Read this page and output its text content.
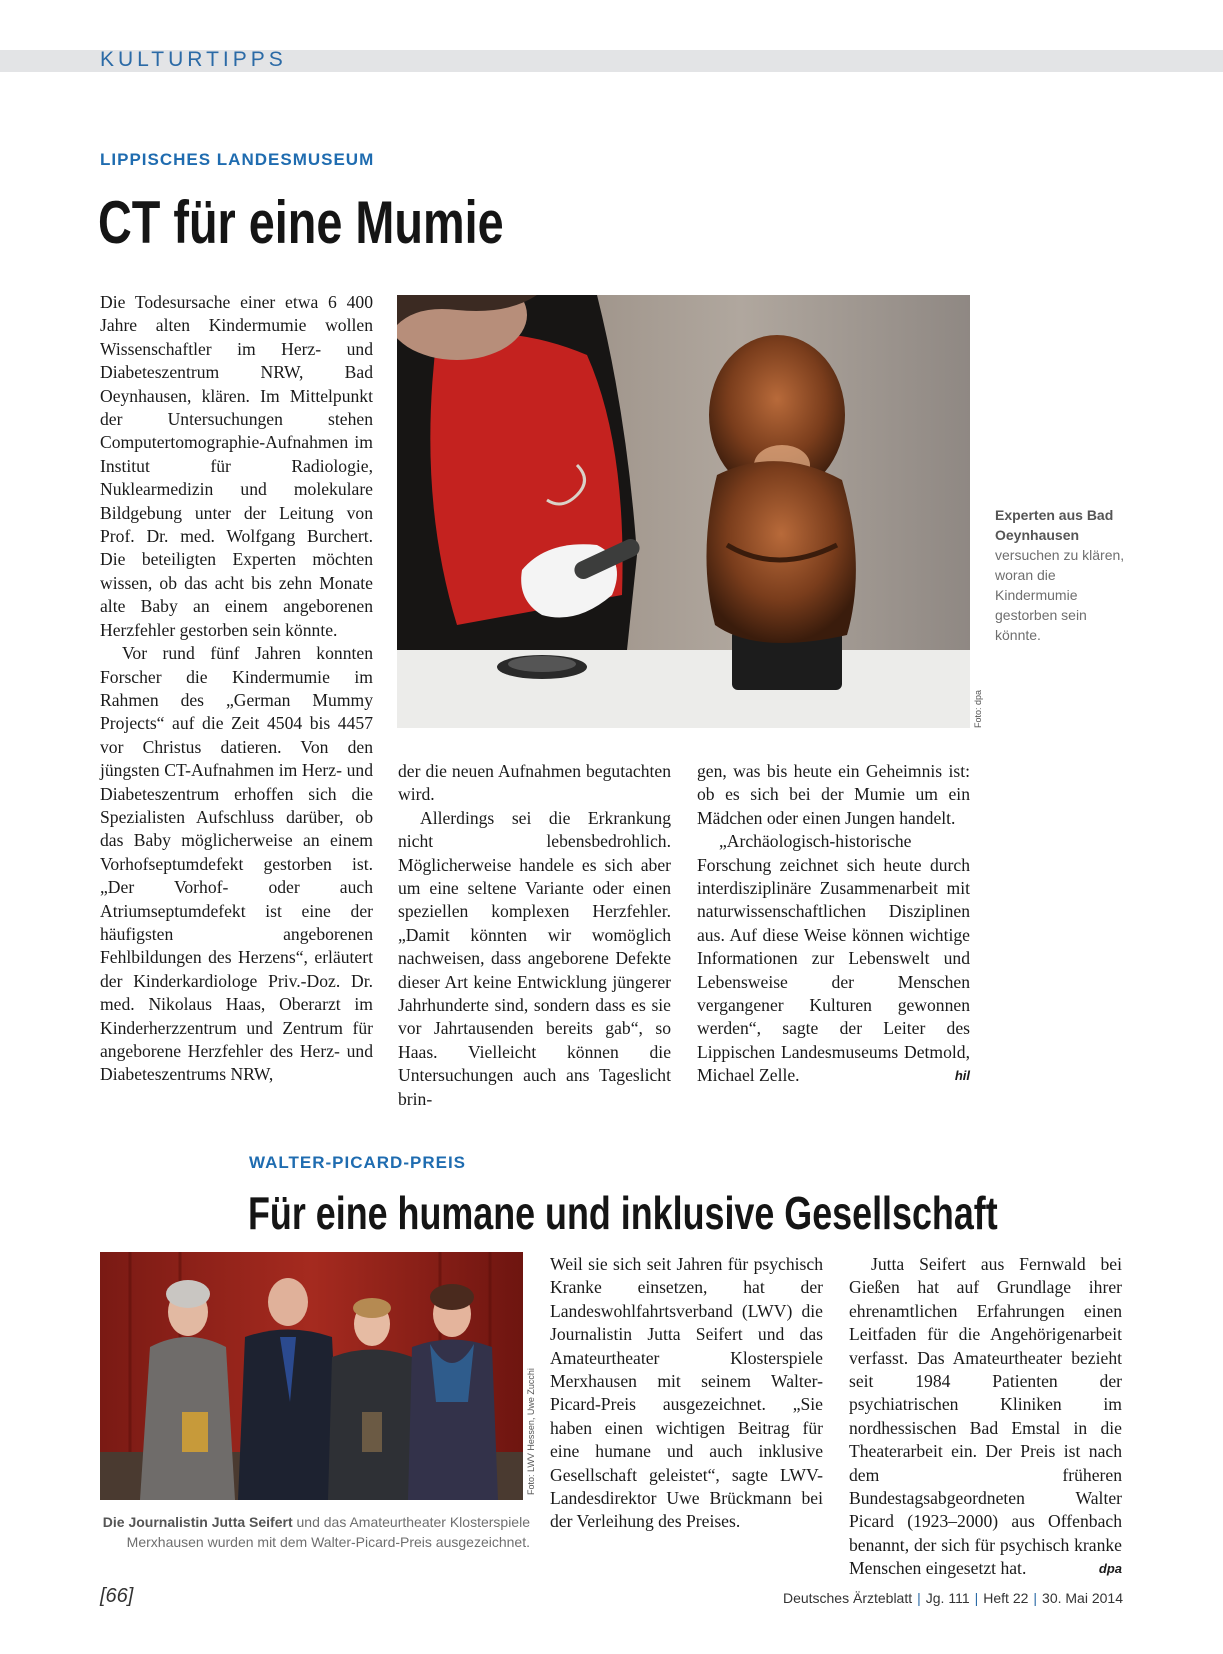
KULTURTIPPS
LIPPISCHES LANDESMUSEUM
CT für eine Mumie

Die Todesursache einer etwa 6 400 Jahre alten Kindermumie wollen Wissenschaftler im Herz- und Diabeteszentrum NRW, Bad Oeynhausen, klären. Im Mittelpunkt der Untersuchungen stehen Computertomographie-Aufnahmen im Institut für Radiologie, Nuklearmedizin und molekulare Bildgebung unter der Leitung von Prof. Dr. med. Wolfgang Burchert. Die beteiligten Experten möchten wissen, ob das acht bis zehn Monate alte Baby an einem angeborenen Herzfehler gestorben sein könnte.

Vor rund fünf Jahren konnten Forscher die Kindermumie im Rahmen des „German Mummy Projects“ auf die Zeit 4504 bis 4457 vor Christus datieren. Von den jüngsten CT-Aufnahmen im Herz- und Diabeteszentrum erhoffen sich die Spezialisten Aufschluss darüber, ob das Baby möglicherweise an einem Vorhofseptumdefekt gestorben ist. „Der Vorhof- oder auch Atriumseptumdefekt ist eine der häufigsten angeborenen Fehlbildungen des Herzens“, erläutert der Kinderkardiologe Priv.-Doz. Dr. med. Nikolaus Haas, Oberarzt im Kinderherzzentrum und Zentrum für angeborene Herzfehler des Herz- und Diabeteszentrums NRW,

Foto: dpa
Experten aus Bad Oeynhausen versuchen zu klären, woran die Kindermumie gestorben sein könnte.

der die neuen Aufnahmen begutachten wird.

Allerdings sei die Erkrankung nicht lebensbedrohlich. Möglicherweise handele es sich aber um eine seltene Variante oder einen speziellen komplexen Herzfehler. „Damit könnten wir womöglich nachweisen, dass angeborene Defekte dieser Art keine Entwicklung jüngerer Jahrhunderte sind, sondern dass es sie vor Jahrtausenden bereits gab“, so Haas. Vielleicht können die Untersuchungen auch ans Tageslicht brin-

gen, was bis heute ein Geheimnis ist: ob es sich bei der Mumie um ein Mädchen oder einen Jungen handelt.

„Archäologisch-historische Forschung zeichnet sich heute durch interdisziplinäre Zusammenarbeit mit naturwissenschaftlichen Disziplinen aus. Auf diese Weise können wichtige Informationen zur Lebenswelt und Lebensweise der Menschen vergangener Kulturen gewonnen werden“, sagte der Leiter des Lippischen Landesmuseums Detmold, Michael Zelle.	hil

WALTER-PICARD-PREIS
Für eine humane und inklusive Gesellschaft
Foto: LWV Hessen, Uwe Zucchi
Die Journalistin Jutta Seifert und das Amateurtheater Klosterspiele Merxhausen wurden mit dem Walter-Picard-Preis ausgezeichnet.

Weil sie sich seit Jahren für psychisch Kranke einsetzen, hat der Landeswohlfahrtsverband (LWV) die Journalistin Jutta Seifert und das Amateurtheater Klosterspiele Merxhausen mit seinem Walter-Picard-Preis ausgezeichnet. „Sie haben einen wichtigen Beitrag für eine humane und auch inklusive Gesellschaft geleistet“, sagte LWV-Landesdirektor Uwe Brückmann bei der Verleihung des Preises.

Jutta Seifert aus Fernwald bei Gießen hat auf Grundlage ihrer ehrenamtlichen Erfahrungen einen Leitfaden für die Angehörigenarbeit verfasst. Das Amateurtheater bezieht seit 1984 Patienten der psychiatrischen Kliniken im nordhessischen Bad Emstal in die Theaterarbeit ein. Der Preis ist nach dem früheren Bundestagsabgeordneten Walter Picard (1923–2000) aus Offenbach benannt, der sich für psychisch kranke Menschen eingesetzt hat.	dpa

[66]	Deutsches Ärzteblatt | Jg. 111 | Heft 22 | 30. Mai 2014
